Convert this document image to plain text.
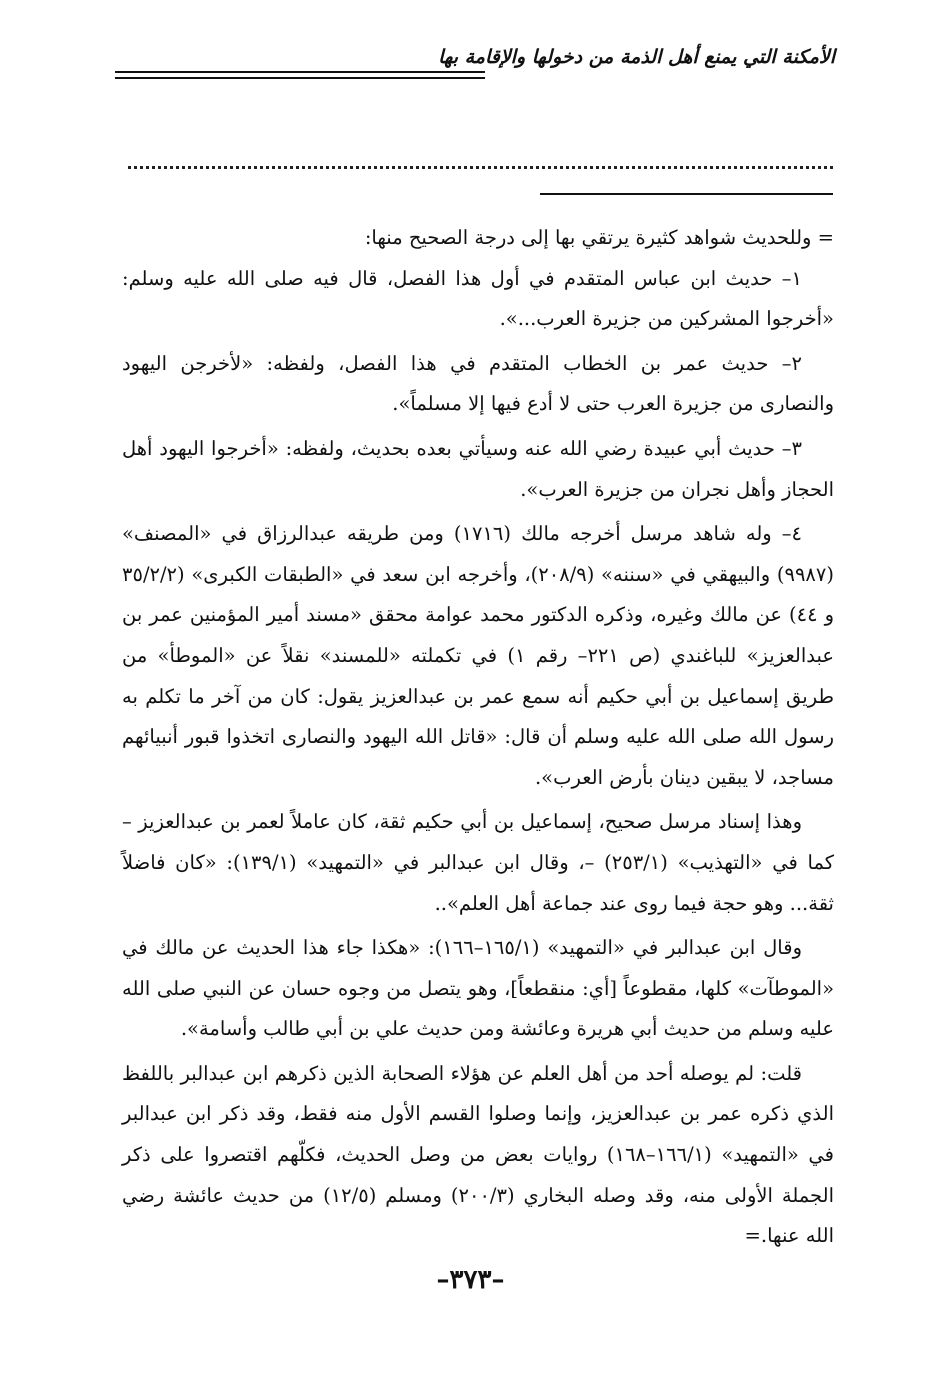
الأمكنة التي يمنع أهل الذمة من دخولها والإقامة بها

= وللحديث شواهد كثيرة يرتقي بها إلى درجة الصحيح منها:

١– حديث ابن عباس المتقدم في أول هذا الفصل، قال فيه صلى الله عليه وسلم: «أخرجوا المشركين من جزيرة العرب...».

٢– حديث عمر بن الخطاب المتقدم في هذا الفصل، ولفظه: «لأخرجن اليهود والنصارى من جزيرة العرب حتى لا أدع فيها إلا مسلماً».

٣– حديث أبي عبيدة رضي الله عنه وسيأتي بعده بحديث، ولفظه: «أخرجوا اليهود أهل الحجاز وأهل نجران من جزيرة العرب».

٤– وله شاهد مرسل أخرجه مالك (١٧١٦) ومن طريقه عبدالرزاق في «المصنف» (٩٩٨٧) والبيهقي في «سننه» (٢٠٨/٩)، وأخرجه ابن سعد في «الطبقات الكبرى» (٣٥/٢/٢ و ٤٤) عن مالك وغيره، وذكره الدكتور محمد عوامة محقق «مسند أمير المؤمنين عمر بن عبدالعزيز» للباغندي (ص ٢٢١– رقم ١) في تكملته «للمسند» نقلاً عن «الموطأ» من طريق إسماعيل بن أبي حكيم أنه سمع عمر بن عبدالعزيز يقول: كان من آخر ما تكلم به رسول الله صلى الله عليه وسلم أن قال: «قاتل الله اليهود والنصارى اتخذوا قبور أنبيائهم مساجد، لا يبقين دينان بأرض العرب».

وهذا إسناد مرسل صحيح، إسماعيل بن أبي حكيم ثقة، كان عاملاً لعمر بن عبدالعزيز – كما في «التهذيب» (٢٥٣/١) –، وقال ابن عبدالبر في «التمهيد» (١٣٩/١): «كان فاضلاً ثقة... وهو حجة فيما روى عند جماعة أهل العلم»..

وقال ابن عبدالبر في «التمهيد» (١٦٥/١–١٦٦): «هكذا جاء هذا الحديث عن مالك في «الموطآت» كلها، مقطوعاً [أي: منقطعاً]، وهو يتصل من وجوه حسان عن النبي صلى الله عليه وسلم من حديث أبي هريرة وعائشة ومن حديث علي بن أبي طالب وأسامة».

قلت: لم يوصله أحد من أهل العلم عن هؤلاء الصحابة الذين ذكرهم ابن عبدالبر باللفظ الذي ذكره عمر بن عبدالعزيز، وإنما وصلوا القسم الأول منه فقط، وقد ذكر ابن عبدالبر في «التمهيد» (١٦٦/١–١٦٨) روايات بعض من وصل الحديث، فكلّهم اقتصروا على ذكر الجملة الأولى منه، وقد وصله البخاري (٢٠٠/٣) ومسلم (١٢/٥) من حديث عائشة رضي الله عنها.=

–٣٧٣–
